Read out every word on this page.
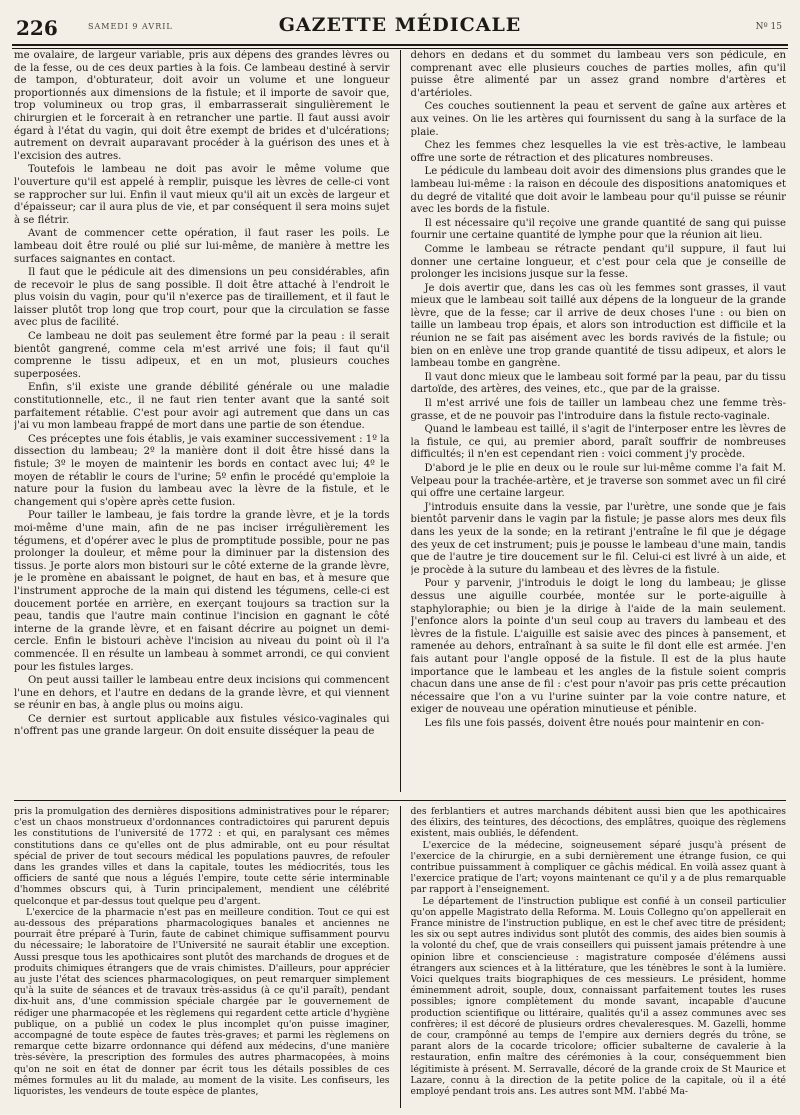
226	SAMEDI 9 AVRIL	GAZETTE MÉDICALE	Nº 15

me ovalaire, de largeur variable, pris aux dépens des grandes lèvres ou de la fesse, ou de ces deux parties à la fois. Ce lambeau destiné à servir de tampon, d'obturateur, doit avoir un volume et une longueur proportionnés aux dimensions de la fistule; et il importe de savoir que, trop volumineux ou trop gras, il embarrasserait singulièrement le chirurgien et le forcerait à en retrancher une partie. Il faut aussi avoir égard à l'état du vagin, qui doit être exempt de brides et d'ulcérations; autrement on devrait auparavant procéder à la guérison des unes et à l'excision des autres.

Toutefois le lambeau ne doit pas avoir le même volume que l'ouverture qu'il est appelé à remplir, puisque les lèvres de celle-ci vont se rapprocher sur lui. Enfin il vaut mieux qu'il ait un excès de largeur et d'épaisseur; car il aura plus de vie, et par conséquent il sera moins sujet à se flétrir.

Avant de commencer cette opération, il faut raser les poils. Le lambeau doit être roulé ou plié sur lui-même, de manière à mettre les surfaces saignantes en contact.

Il faut que le pédicule ait des dimensions un peu considérables, afin de recevoir le plus de sang possible. Il doit être attaché à l'endroit le plus voisin du vagin, pour qu'il n'exerce pas de tiraillement, et il faut le laisser plutôt trop long que trop court, pour que la circulation se fasse avec plus de facilité.

Ce lambeau ne doit pas seulement être formé par la peau : il serait bientôt gangrené, comme cela m'est arrivé une fois; il faut qu'il comprenne le tissu adipeux, et en un mot, plusieurs couches superposées.

Enfin, s'il existe une grande débilité générale ou une maladie constitutionnelle, etc., il ne faut rien tenter avant que la santé soit parfaitement rétablie. C'est pour avoir agi autrement que dans un cas j'ai vu mon lambeau frappé de mort dans une partie de son étendue.

Ces préceptes une fois établis, je vais examiner successivement : 1º la dissection du lambeau; 2º la manière dont il doit être hissé dans la fistule; 3º le moyen de maintenir les bords en contact avec lui; 4º le moyen de rétablir le cours de l'urine; 5º enfin le procédé qu'emploie la nature pour la fusion du lambeau avec la lèvre de la fistule, et le changement qui s'opère après cette fusion.

Pour tailler le lambeau, je fais tordre la grande lèvre, et je la tords moi-même d'une main, afin de ne pas inciser irrégulièrement les tégumens, et d'opérer avec le plus de promptitude possible, pour ne pas prolonger la douleur, et même pour la diminuer par la distension des tissus. Je porte alors mon bistouri sur le côté externe de la grande lèvre, je le promène en abaissant le poignet, de haut en bas, et à mesure que l'instrument approche de la main qui distend les tégumens, celle-ci est doucement portée en arrière, en exerçant toujours sa traction sur la peau, tandis que l'autre main continue l'incision en gagnant le côté interne de la grande lèvre, et en faisant décrire au poignet un demi-cercle. Enfin le bistouri achève l'incision au niveau du point où il l'a commencée. Il en résulte un lambeau à sommet arrondi, ce qui convient pour les fistules larges.

On peut aussi tailler le lambeau entre deux incisions qui commencent l'une en dehors, et l'autre en dedans de la grande lèvre, et qui viennent se réunir en bas, à angle plus ou moins aigu.

Ce dernier est surtout applicable aux fistules vésico-vaginales qui n'offrent pas une grande largeur. On doit ensuite disséquer la peau de

dehors en dedans et du sommet du lambeau vers son pédicule, en comprenant avec elle plusieurs couches de parties molles, afin qu'il puisse être alimenté par un assez grand nombre d'artères et d'artérioles.

Ces couches soutiennent la peau et servent de gaîne aux artères et aux veines. On lie les artères qui fournissent du sang à la surface de la plaie.

Chez les femmes chez lesquelles la vie est très-active, le lambeau offre une sorte de rétraction et des plicatures nombreuses.

Le pédicule du lambeau doit avoir des dimensions plus grandes que le lambeau lui-même : la raison en découle des dispositions anatomiques et du degré de vitalité que doit avoir le lambeau pour qu'il puisse se réunir avec les bords de la fistule.

Il est nécessaire qu'il reçoive une grande quantité de sang qui puisse fournir une certaine quantité de lymphe pour que la réunion ait lieu.

Comme le lambeau se rétracte pendant qu'il suppure, il faut lui donner une certaine longueur, et c'est pour cela que je conseille de prolonger les incisions jusque sur la fesse.

Je dois avertir que, dans les cas où les femmes sont grasses, il vaut mieux que le lambeau soit taillé aux dépens de la longueur de la grande lèvre, que de la fesse; car il arrive de deux choses l'une : ou bien on taille un lambeau trop épais, et alors son introduction est difficile et la réunion ne se fait pas aisément avec les bords ravivés de la fistule; ou bien on en enlève une trop grande quantité de tissu adipeux, et alors le lambeau tombe en gangrène.

Il vaut donc mieux que le lambeau soit formé par la peau, par du tissu dartoïde, des artères, des veines, etc., que par de la graisse.

Il m'est arrivé une fois de tailler un lambeau chez une femme très-grasse, et de ne pouvoir pas l'introduire dans la fistule recto-vaginale.

Quand le lambeau est taillé, il s'agit de l'interposer entre les lèvres de la fistule, ce qui, au premier abord, paraît souffrir de nombreuses difficultés; il n'en est cependant rien : voici comment j'y procède.

D'abord je le plie en deux ou le roule sur lui-même comme l'a fait M. Velpeau pour la trachée-artère, et je traverse son sommet avec un fil ciré qui offre une certaine largeur.

J'introduis ensuite dans la vessie, par l'urètre, une sonde que je fais bientôt parvenir dans le vagin par la fistule; je passe alors mes deux fils dans les yeux de la sonde; en la retirant j'entraîne le fil que je dégage des yeux de cet instrument; puis je pousse le lambeau d'une main, tandis que de l'autre je tire doucement sur le fil. Celui-ci est livré à un aide, et je procède à la suture du lambeau et des lèvres de la fistule.

Pour y parvenir, j'introduis le doigt le long du lambeau; je glisse dessus une aiguille courbée, montée sur le porte-aiguille à staphyloraphie; ou bien je la dirige à l'aide de la main seulement. J'enfonce alors la pointe d'un seul coup au travers du lambeau et des lèvres de la fistule. L'aiguille est saisie avec des pinces à pansement, et ramenée au dehors, entraînant à sa suite le fil dont elle est armée. J'en fais autant pour l'angle opposé de la fistule. Il est de la plus haute importance que le lambeau et les angles de la fistule soient compris chacun dans une anse de fil : c'est pour n'avoir pas pris cette précaution nécessaire que l'on a vu l'urine suinter par la voie contre nature, et exiger de nouveau une opération minutieuse et pénible.

Les fils une fois passés, doivent être noués pour maintenir en con-

pris la promulgation des dernières dispositions administratives pour le réparer; c'est un chaos monstrueux d'ordonnances contradictoires qui parurent depuis les constitutions de l'université de 1772 : et qui, en paralysant ces mêmes constitutions dans ce qu'elles ont de plus admirable, ont eu pour résultat spécial de priver de tout secours médical les populations pauvres, de refouler dans les grandes villes et dans la capitale, toutes les médiocrités, tous les officiers de santé que nous a légués l'empire, toute cette série interminable d'hommes obscurs qui, à Turin principalement, mendient une célébrité quelconque et par-dessus tout quelque peu d'argent.

L'exercice de la pharmacie n'est pas en meilleure condition. Tout ce qui est au-dessous des préparations pharmacologiques banales et anciennes ne pourrait être préparé à Turin, faute de cabinet chimique suffisamment pourvu du nécessaire; le laboratoire de l'Université ne saurait établir une exception. Aussi presque tous les apothicaires sont plutôt des marchands de drogues et de produits chimiques étrangers que de vrais chimistes. D'ailleurs, pour apprécier au juste l'état des sciences pharmacologiques, on peut remarquer simplement qu'à la suite de séances et de travaux très-assidus (à ce qu'il paraît), pendant dix-huit ans, d'une commission spéciale chargée par le gouvernement de rédiger une pharmacopée et les règlemens qui regardent cette article d'hygiène publique, on a publié un codex le plus incomplet qu'on puisse imaginer, accompagné de toute espèce de fautes très-graves; et parmi les règlemens on remarque cette bizarre ordonnance qui défend aux médecins, d'une manière très-sévère, la prescription des formules des autres pharmacopées, à moins qu'on ne soit en état de donner par écrit tous les détails possibles de ces mêmes formules au lit du malade, au moment de la visite. Les confiseurs, les liquoristes, les vendeurs de toute espèce de plantes,

des ferblantiers et autres marchands débitent aussi bien que les apothicaires des élixirs, des teintures, des décoctions, des emplâtres, quoique des règlemens existent, mais oubliés, le défendent.

L'exercice de la médecine, soigneusement séparé jusqu'à présent de l'exercice de la chirurgie, en a subi dernièrement une étrange fusion, ce qui contribue puissamment à compliquer ce gâchis médical. En voilà assez quant à l'exercice pratique de l'art; voyons maintenant ce qu'il y a de plus remarquable par rapport à l'enseignement.

Le département de l'instruction publique est confié à un conseil particulier qu'on appelle Magistrato della Reforma. M. Louis Collegno qu'on appellerait en France ministre de l'instruction publique, en est le chef avec titre de président; les six ou sept autres individus sont plutôt des commis, des aides bien soumis à la volonté du chef, que de vrais conseillers qui puissent jamais prétendre à une opinion libre et consciencieuse : magistrature composée d'élémens aussi étrangers aux sciences et à la littérature, que les ténèbres le sont à la lumière. Voici quelques traits biographiques de ces messieurs. Le président, homme éminemment adroit, souple, doux, connaissant parfaitement toutes les ruses possibles; ignore complètement du monde savant, incapable d'aucune production scientifique ou littéraire, qualités qu'il a assez communes avec ses confrères; il est décoré de plusieurs ordres chevaleresques. M. Gazelli, homme de cour, crampônné au temps de l'empire aux derniers degrés du trône, se parant alors de la cocarde tricolore; officier subalterne de cavalerie à la restauration, enfin maître des cérémonies à la cour, conséquemment bien légitimiste à présent. M. Serravalle, décoré de la grande croix de St Maurice et Lazare, connu à la direction de la petite police de la capitale, où il a été employé pendant trois ans. Les autres sont MM. l'abbé Ma-
